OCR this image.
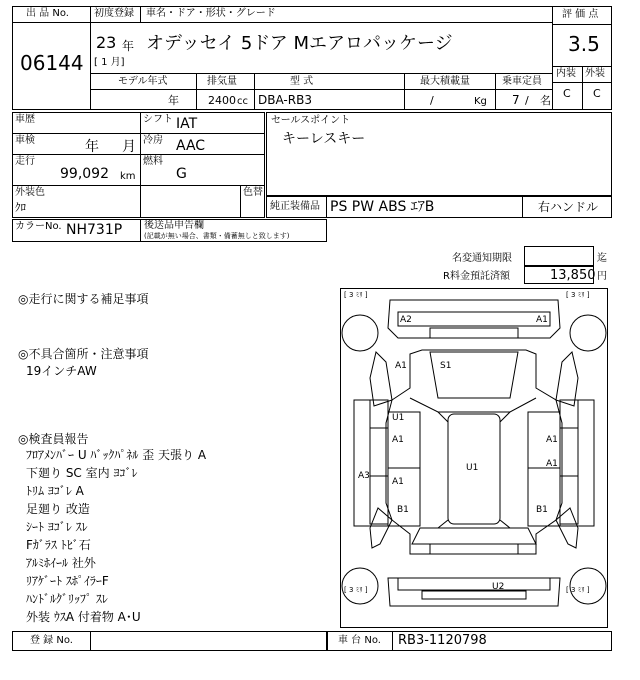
出 品 No.
06144
初度登録 車名・ドア・形状・グレード
23 年
[ 1 月]
オデッセイ 5ドア Mエアロパッケージ
評 価 点
3.5
内装 外装
C C
モデル年式	排気量	型 式	最大積載量	乗車定員
年	2400 cc DBA-RB3	/	Kg 7 / 名
車歴	シフト IAT
車検	年 月 冷房 AAC
走行
99,092 km
燃料
G
外装色
ｸﾛ
色替
セールスポイント
キーレスキー
純正装備品 PS PW ABS ｴｱB	右ハンドル
カラーNo. NH731P 後送品申告欄
(記載が無い場合、書類・備蓄無しと致します)
名変通知期限	迄
R料金預託済額	13,850 円
◎走行に関する補足事項
◎不具合箇所・注意事項
19インチAW
◎検査員報告
ﾌﾛｱﾒﾝﾊﾞｰ U ﾊﾞｯｸﾊﾟﾈﾙ 歪 天張り A
下廻り SC 室内 ﾖｺﾞﾚ
ﾄﾘﾑ ﾖｺﾞﾚ A
足廻り 改造
ｼｰﾄ ﾖｺﾞﾚ ｽﾚ
Fｶﾞﾗｽ ﾄﾋﾞ石
ｱﾙﾐﾎｲｰﾙ 社外
ﾘｱｹﾞｰﾄ ｽﾎﾟｲﾗｰF
ﾊﾝﾄﾞﾙｸﾞﾘｯﾌﾟ ｽﾚ
外装 ｳｽA 付着物 A･U
[ 3 ﾐﾘ ]	[ 3 ﾐﾘ ]
[ 3 ﾐﾘ ]	[ 3 ﾐﾘ ]
A2	A1
A1	S1
U1
A1	A1
U1
A1
A1
A3
B1	B1
U2
登 録 No.	車 台 No. RB3-1120798
